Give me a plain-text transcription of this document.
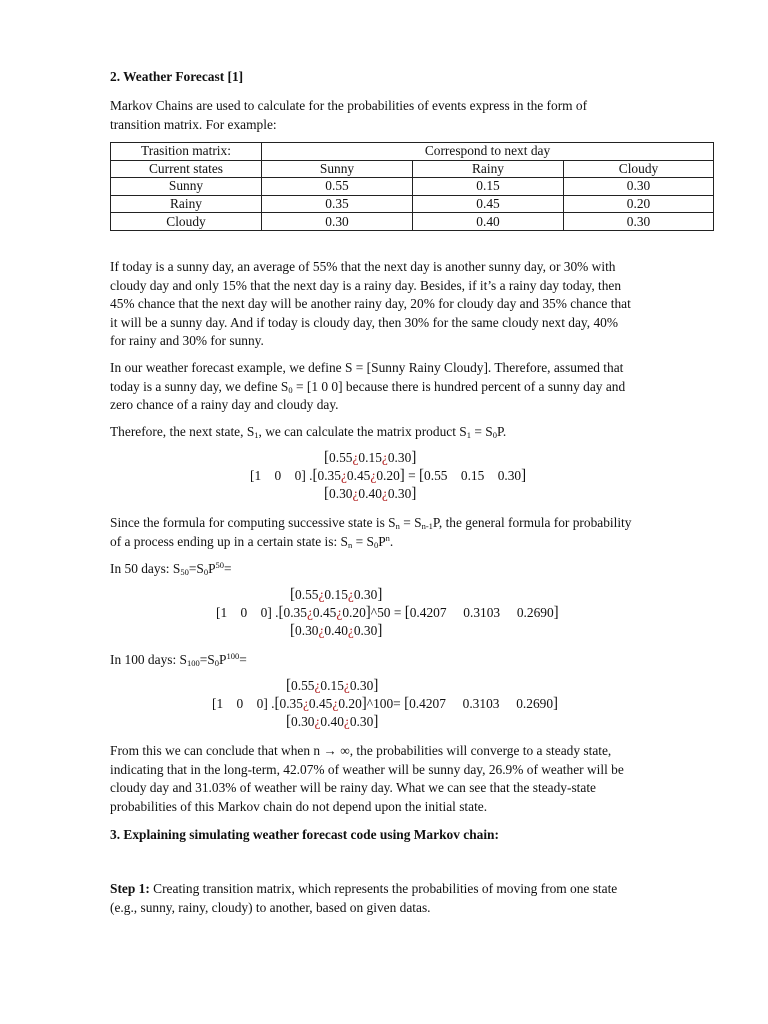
2. Weather Forecast [1]

Markov Chains are used to calculate for the probabilities of events express in the form of
transition matrix. For example:

Trasition matrix:	Correspond to next day		
Current states	Sunny	Rainy	Cloudy
Sunny	0.55	0.15	0.30
Rainy	0.35	0.45	0.20
Cloudy	0.30	0.40	0.30

If today is a sunny day, an average of 55% that the next day is another sunny day, or 30% with
cloudy day and only 15% that the next day is a rainy day. Besides, if it’s a rainy day today, then
45% chance that the next day will be another rainy day, 20% for cloudy day and 35% chance that
it will be a sunny day. And if today is cloudy day, then 30% for the same cloudy next day, 40%
for rainy and 30% for sunny.

In our weather forecast example, we define S = [Sunny Rainy Cloudy]. Therefore, assumed that
today is a sunny day, we define $S_0 = [1$ 0 0] because there is hundred percent of a sunny day and
zero chance of a rainy day and cloudy day.

Therefore, the next state, $S_1$, we can calculate the matrix product $S_1 = S_0P$.

[0.55¿0.15¿0.30]
[1    0    0] .[0.35¿0.45¿0.20] = [0.55    0.15    0.30]
[0.30¿0.40¿0.30]

Since the formula for computing successive state is $S_n = S_{n-1}P$, the general formula for probability
of a process ending up in a certain state is: $S_n = S_0P^n$.

In 50 days: $S_{50}=S_0P^{50}=$

[0.55¿0.15¿0.30]
[1    0    0] .[0.35¿0.45¿0.20]^50 = [0.4207     0.3103     0.2690]
[0.30¿0.40¿0.30]

In 100 days: $S_{100}=S_0P^{100}=$

[0.55¿0.15¿0.30]
[1    0    0] .[0.35¿0.45¿0.20]^100= [0.4207     0.3103     0.2690]
[0.30¿0.40¿0.30]

From this we can conclude that when n → ∞, the probabilities will converge to a steady state,
indicating that in the long-term, 42.07% of weather will be sunny day, 26.9% of weather will be
cloudy day and 31.03% of weather will be rainy day. What we can see that the steady-state
probabilities of this Markov chain do not depend upon the initial state.

3. Explaining simulating weather forecast code using Markov chain:

Step 1: Creating transition matrix, which represents the probabilities of moving from one state
(e.g., sunny, rainy, cloudy) to another, based on given datas.
